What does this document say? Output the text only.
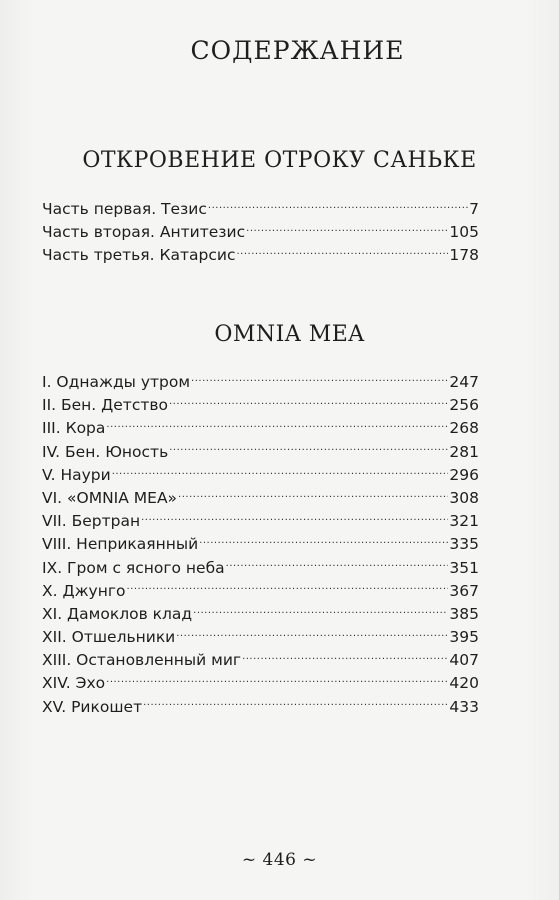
СОДЕРЖАНИЕ
ОТКРОВЕНИЕ ОТРОКУ САНЬКЕ
Часть первая. Тезис .....	7
Часть вторая. Антитезис .....	105
Часть третья. Катарсис .....	178
OMNIA MEA
I. Однажды утром .....	247
II. Бен. Детство .....	256
III. Кора .....	268
IV. Бен. Юность .....	281
V. Наури .....	296
VI. «OMNIA MEA» .....	308
VII. Бертран .....	321
VIII. Неприкаянный .....	335
IX. Гром с ясного неба .....	351
X. Джунго .....	367
XI. Дамоклов клад .....	385
XII. Отшельники .....	395
XIII. Остановленный миг .....	407
XIV. Эхо .....	420
XV. Рикошет .....	433
~ 446 ~
